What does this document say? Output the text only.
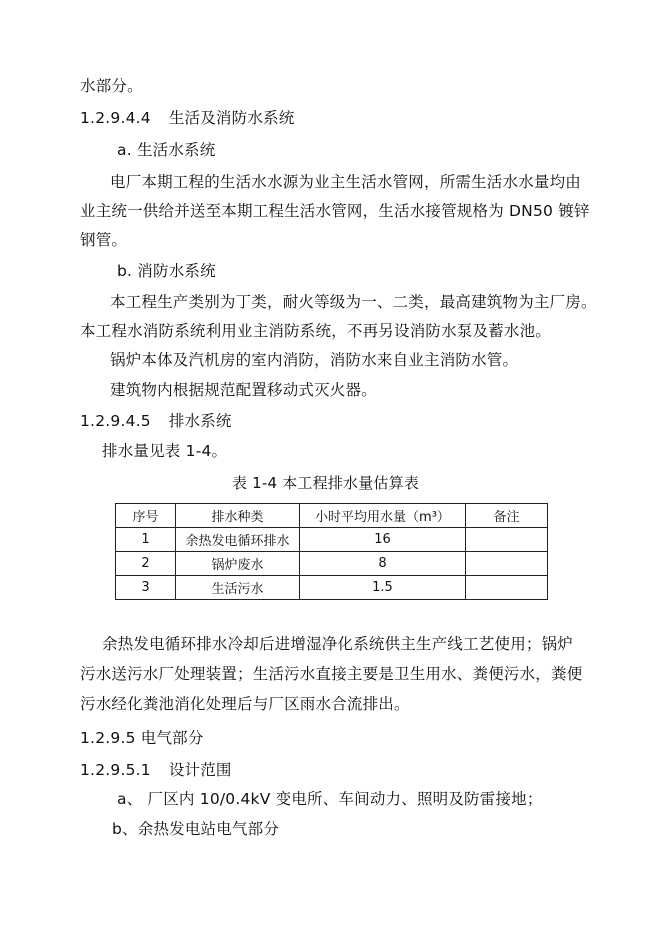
水部分。
1.2.9.4.4 生活及消防水系统
a. 生活水系统
电厂本期工程的生活水水源为业主生活水管网，所需生活水水量均由
业主统一供给并送至本期工程生活水管网，生活水接管规格为 DN50 镀锌
钢管。
b. 消防水系统
本工程生产类别为丁类，耐火等级为一、二类，最高建筑物为主厂房。
本工程水消防系统利用业主消防系统，不再另设消防水泵及蓄水池。
锅炉本体及汽机房的室内消防，消防水来自业主消防水管。
建筑物内根据规范配置移动式灭火器。
1.2.9.4.5 排水系统
排水量见表 1-4。
表 1-4 本工程排水量估算表
序号	排水种类	小时平均用水量（m³）	备注
1	余热发电循环排水	16	
2	锅炉废水	8	
3	生活污水	1.5	
余热发电循环排水冷却后进增湿净化系统供主生产线工艺使用；锅炉
污水送污水厂处理装置；生活污水直接主要是卫生用水、粪便污水，粪便
污水经化粪池消化处理后与厂区雨水合流排出。
1.2.9.5 电气部分
1.2.9.5.1 设计范围
a、 厂区内 10/0.4kV 变电所、车间动力、照明及防雷接地；
b、余热发电站电气部分
